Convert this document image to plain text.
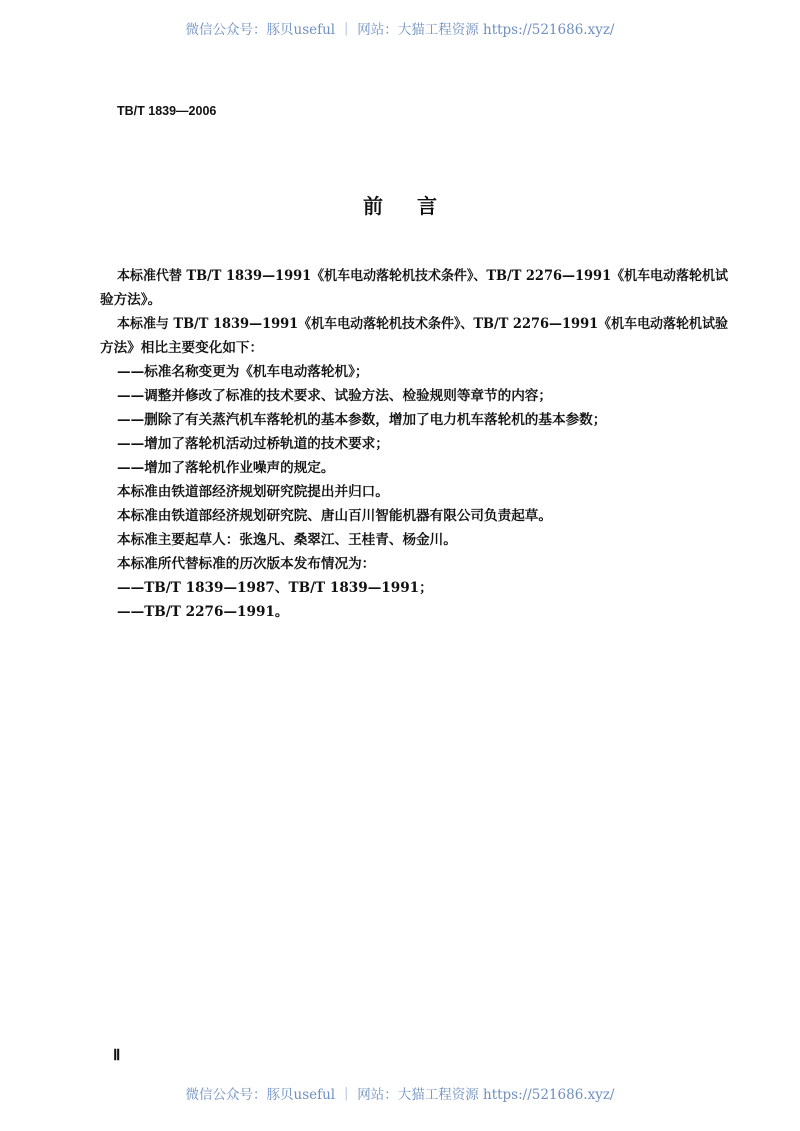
微信公众号：豚贝useful ｜ 网站：大猫工程资源 https://521686.xyz/
TB/T 1839—2006
前言
本标准代替 TB/T 1839—1991《机车电动落轮机技术条件》、TB/T 2276—1991《机车电动落轮机试
验方法》。
本标准与 TB/T 1839—1991《机车电动落轮机技术条件》、TB/T 2276—1991《机车电动落轮机试验
方法》相比主要变化如下：
——标准名称变更为《机车电动落轮机》；
——调整并修改了标准的技术要求、试验方法、检验规则等章节的内容；
——删除了有关蒸汽机车落轮机的基本参数，增加了电力机车落轮机的基本参数；
——增加了落轮机活动过桥轨道的技术要求；
——增加了落轮机作业噪声的规定。
本标准由铁道部经济规划研究院提出并归口。
本标准由铁道部经济规划研究院、唐山百川智能机器有限公司负责起草。
本标准主要起草人：张逸凡、桑翠江、王桂青、杨金川。
本标准所代替标准的历次版本发布情况为：
——TB/T 1839—1987、TB/T 1839—1991；
——TB/T 2276—1991。
Ⅱ
微信公众号：豚贝useful ｜ 网站：大猫工程资源 https://521686.xyz/
